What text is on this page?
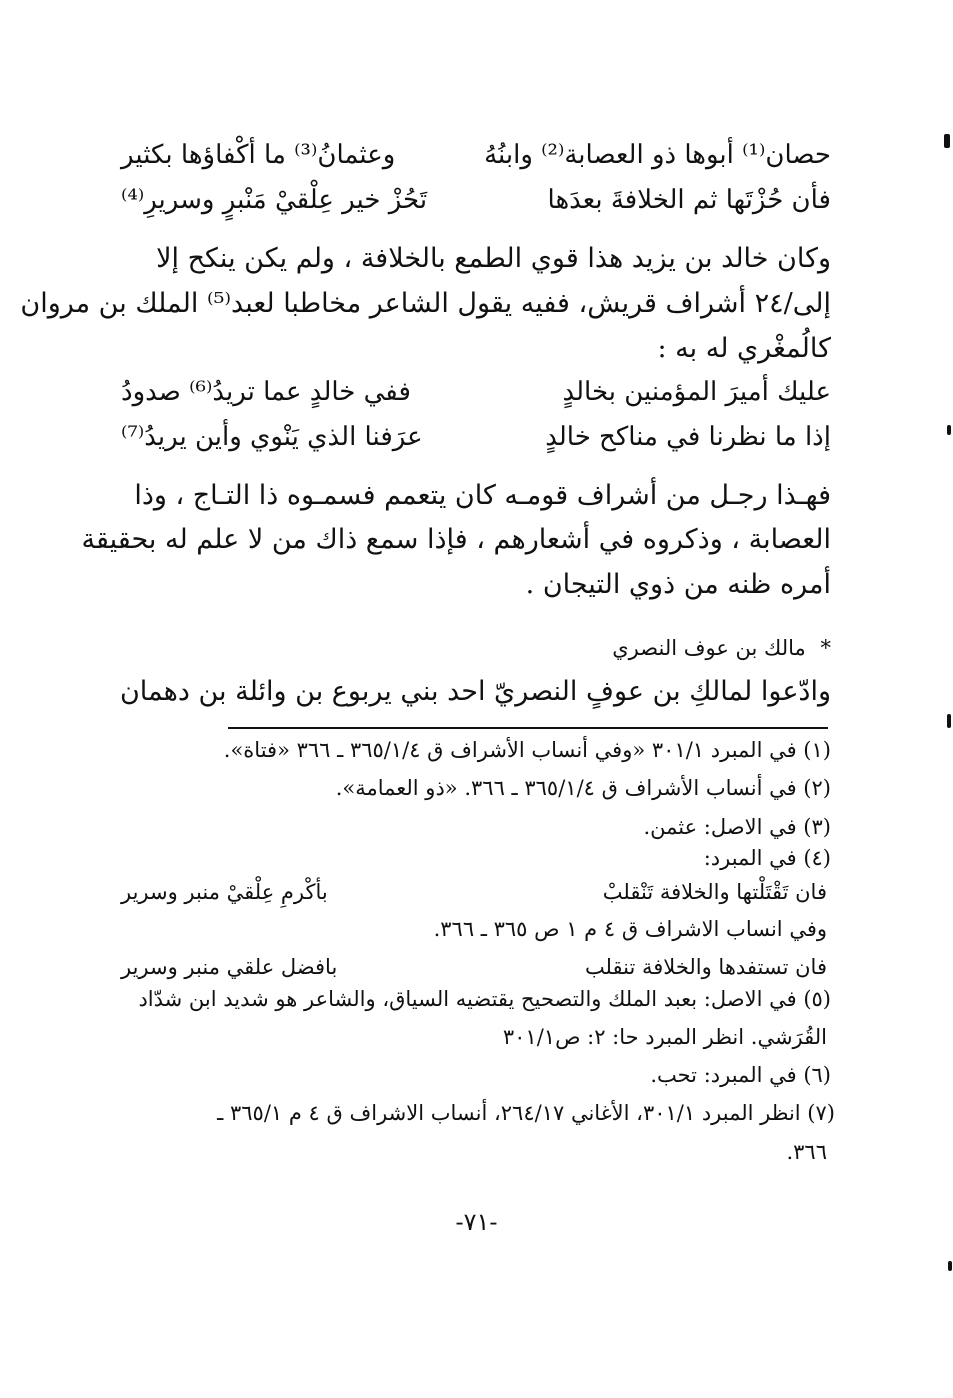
حصان⁽¹⁾ أبوها ذو العصابة⁽²⁾ وابنُهُ
وعثمانُ⁽³⁾ ما أكْفاؤها بكثير
فأن حُزْتَها ثم الخلافةَ بعدَها
تَحُزْ خير عِلْقيْ مَنْبرٍ وسريرِ⁽⁴⁾
وكان خالد بن يزيد هذا قوي الطمع بالخلافة ، ولم يكن ينكح إلا
إلى/٢٤ أشراف قريش، ففيه يقول الشاعر مخاطبا لعبد⁽⁵⁾ الملك بن مروان
كالُمغْري له به :
عليك أميرَ المؤمنين بخالدٍ
ففي خالدٍ عما تريدُ⁽⁶⁾ صدودُ
إذا ما نظرنا في مناكح خالدٍ
عرَفنا الذي يَنْوي وأين يريدُ⁽⁷⁾
فهـذا رجـل من أشراف قومـه كان يتعمم فسمـوه ذا التـاج ، وذا
العصابة ، وذكروه في أشعارهم ، فإذا سمع ذاك من لا علم له بحقيقة
أمره ظنه من ذوي التيجان .
* مالك بن عوف النصري
وادّعوا لمالكِ بن عوفٍ النصريّ احد بني يربوع بن وائلة بن دهمان
(١) في المبرد ٣٠١/١ «وفي أنساب الأشراف ق ٣٦٥/١/٤ ـ ٣٦٦ «فتاة».
(٢) في أنساب الأشراف ق ٣٦٥/١/٤ ـ ٣٦٦. «ذو العمامة».
(٣) في الاصل: عثمن.
(٤) في المبرد:
فان تَقْتَلْتها والخلافة تَنْقلبْ
بأكْرمِ عِلْقيْ منبر وسرير
وفي انساب الاشراف ق ٤ م ١ ص ٣٦٥ ـ ٣٦٦.
فان تستفدها والخلافة تنقلب
بافضل علقي منبر وسرير
(٥) في الاصل: بعبد الملك والتصحيح يقتضيه السياق، والشاعر هو شديد ابن شدّاد
القُرَشي. انظر المبرد حا: ٢: ص٣٠١/١
(٦) في المبرد: تحب.
(٧) انظر المبرد ٣٠١/١، الأغاني ٢٦٤/١٧، أنساب الاشراف ق ٤ م ٣٦٥/١ ـ
٣٦٦.
-٧١-
